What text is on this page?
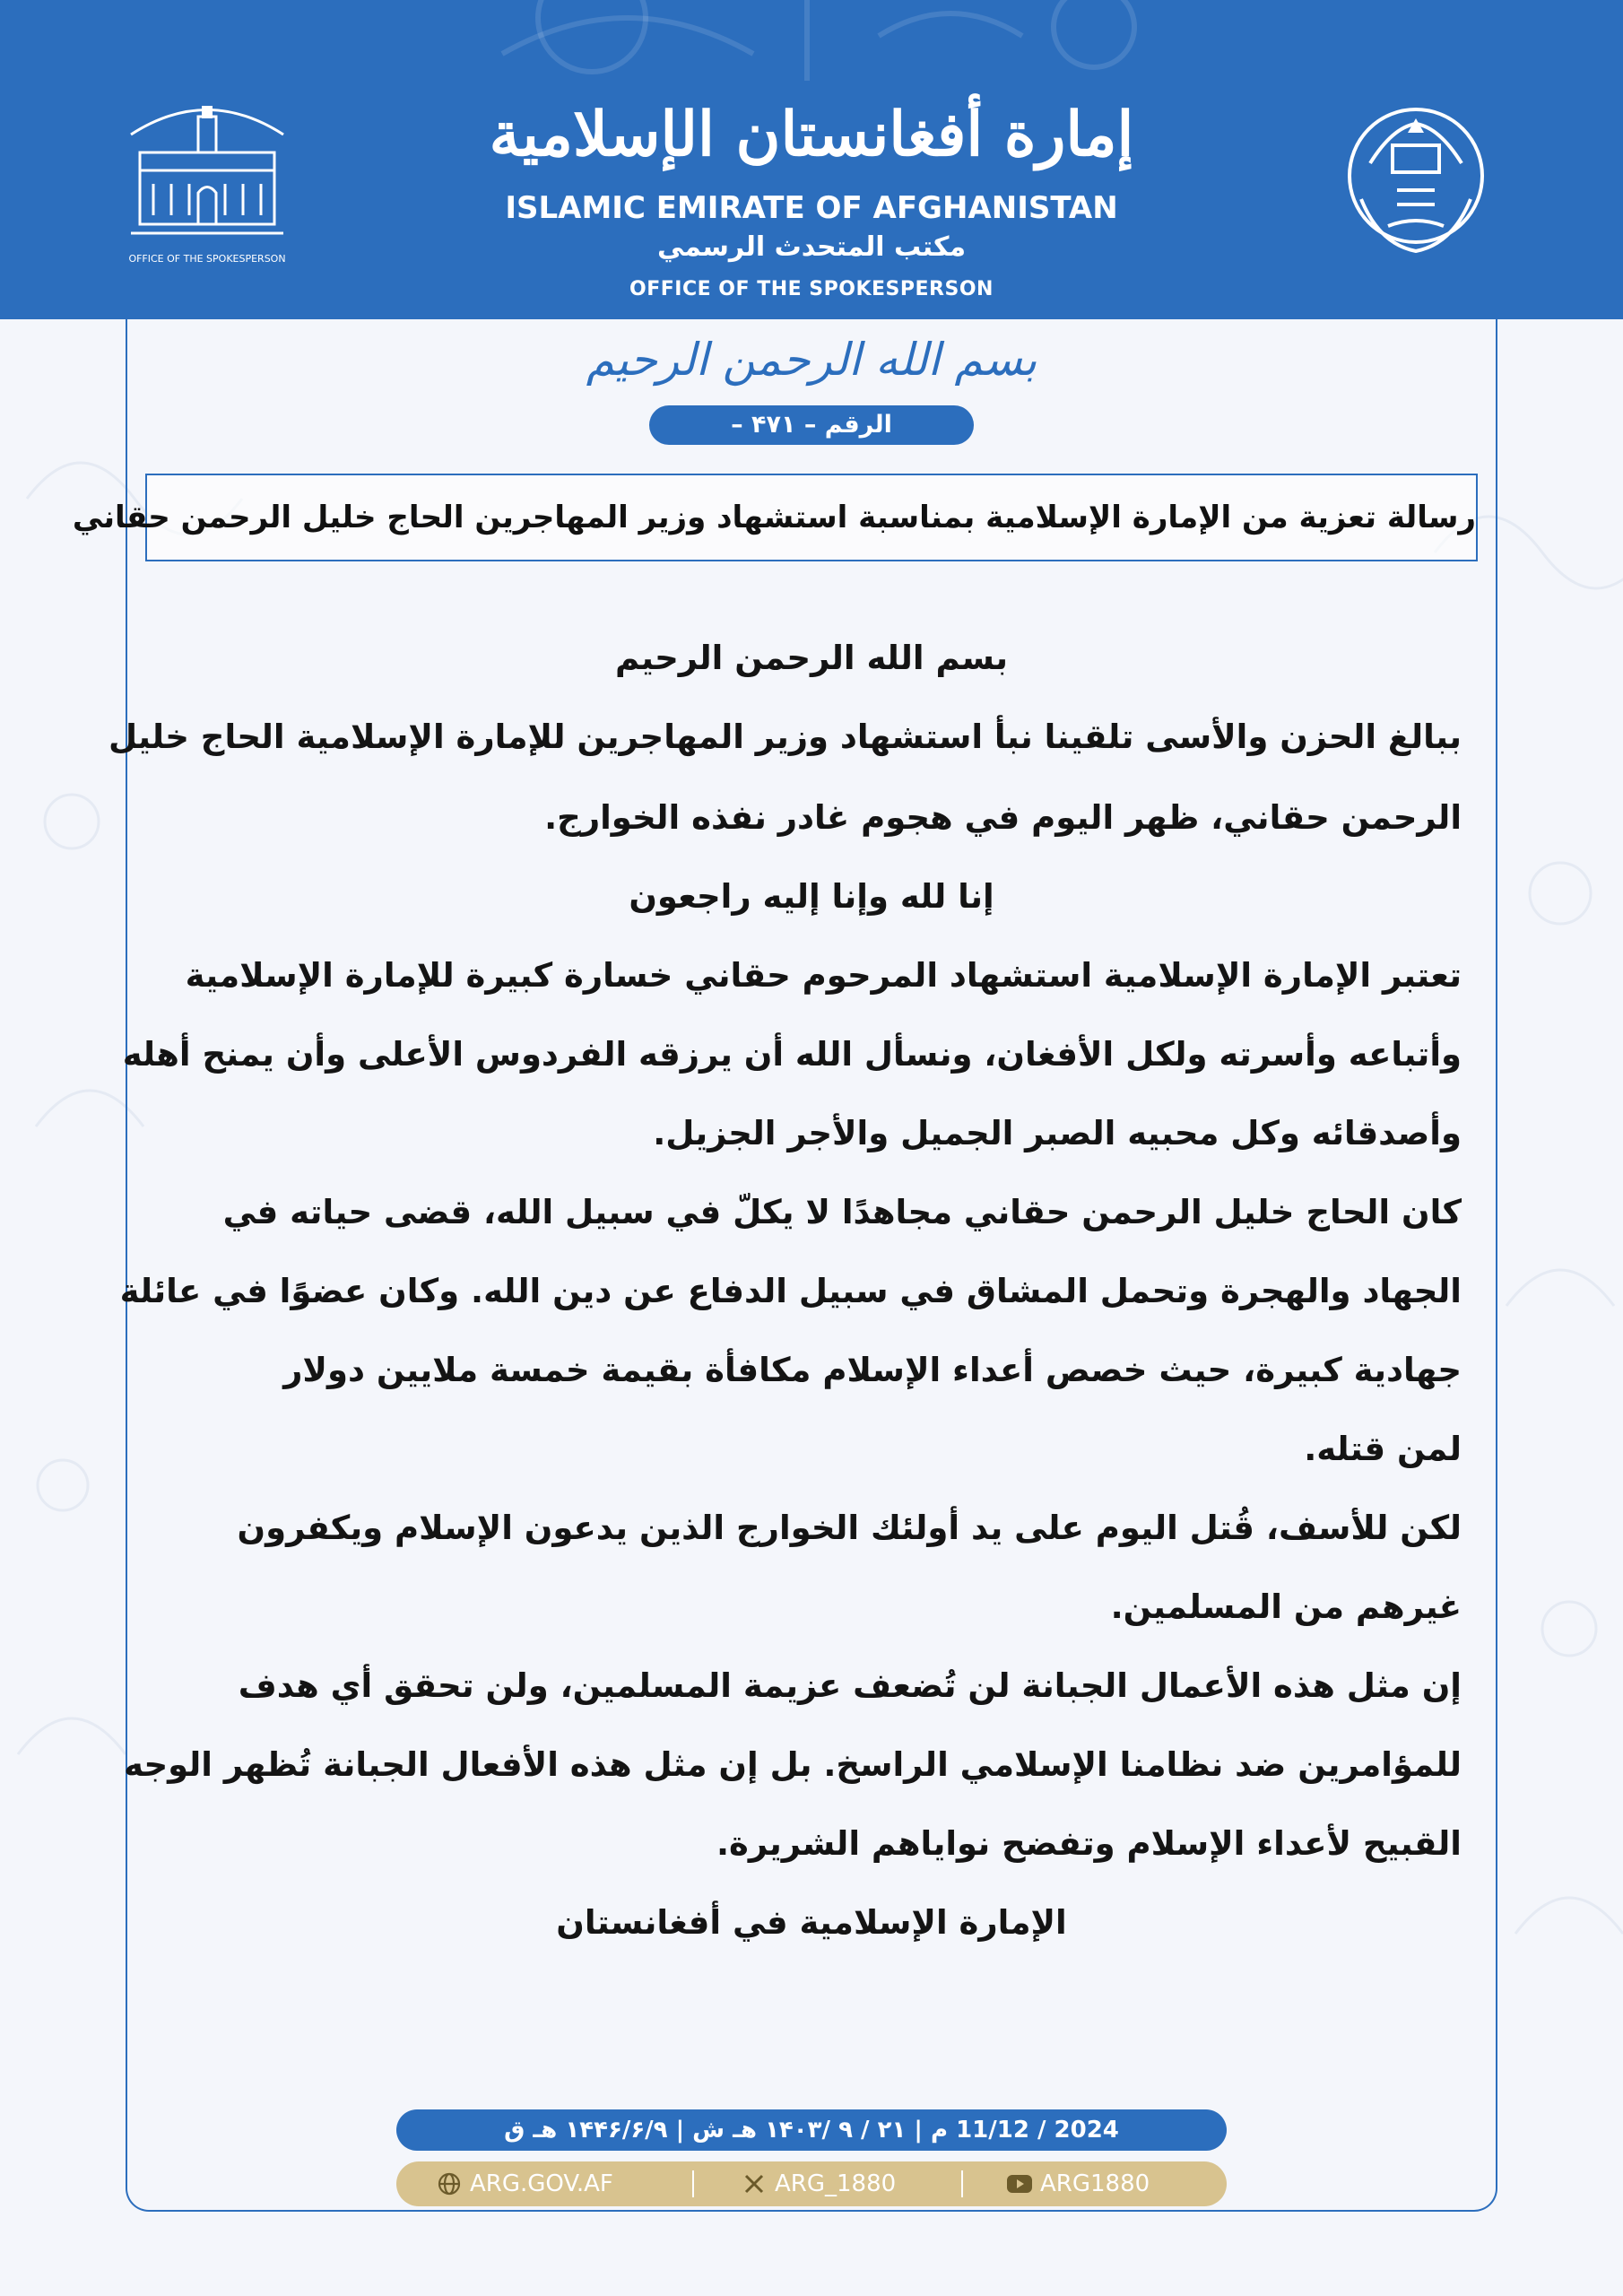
OFFICE OF THE SPOKESPERSON
إمارة أفغانستان الإسلامية
ISLAMIC EMIRATE OF AFGHANISTAN
مكتب المتحدث الرسمي
OFFICE OF THE SPOKESPERSON
بسم الله الرحمن الرحيم
الرقم – ۴۷۱ –
رسالة تعزية من الإمارة الإسلامية بمناسبة استشهاد وزير المهاجرين الحاج خليل الرحمن حقاني
بسم الله الرحمن الرحيم
ببالغ الحزن والأسى تلقينا نبأ استشهاد وزير المهاجرين للإمارة الإسلامية الحاج خليل
الرحمن حقاني، ظهر اليوم في هجوم غادر نفذه الخوارج.
إنا لله وإنا إليه راجعون
تعتبر الإمارة الإسلامية استشهاد المرحوم حقاني خسارة كبيرة للإمارة الإسلامية
وأتباعه وأسرته ولكل الأفغان، ونسأل الله أن يرزقه الفردوس الأعلى وأن يمنح أهله
وأصدقائه وكل محبيه الصبر الجميل والأجر الجزيل.
كان الحاج خليل الرحمن حقاني مجاهدًا لا يكلّ في سبيل الله، قضى حياته في
الجهاد والهجرة وتحمل المشاق في سبيل الدفاع عن دين الله. وكان عضوًا في عائلة
جهادية كبيرة، حيث خصص أعداء الإسلام مكافأة بقيمة خمسة ملايين دولار
لمن قتله.
لكن للأسف، قُتل اليوم على يد أولئك الخوارج الذين يدعون الإسلام ويكفرون
غيرهم من المسلمين.
إن مثل هذه الأعمال الجبانة لن تُضعف عزيمة المسلمين، ولن تحقق أي هدف
للمؤامرين ضد نظامنا الإسلامي الراسخ. بل إن مثل هذه الأفعال الجبانة تُظهر الوجه
القبيح لأعداء الإسلام وتفضح نواياهم الشريرة.
الإمارة الإسلامية في أفغانستان
2024 / 11/12 م | ۲۱ / ۹ /۱۴۰۳ هـ ش | ۱۴۴۶/۶/۹ هـ ق
ARG.GOV.AF	ARG_1880	ARG1880
